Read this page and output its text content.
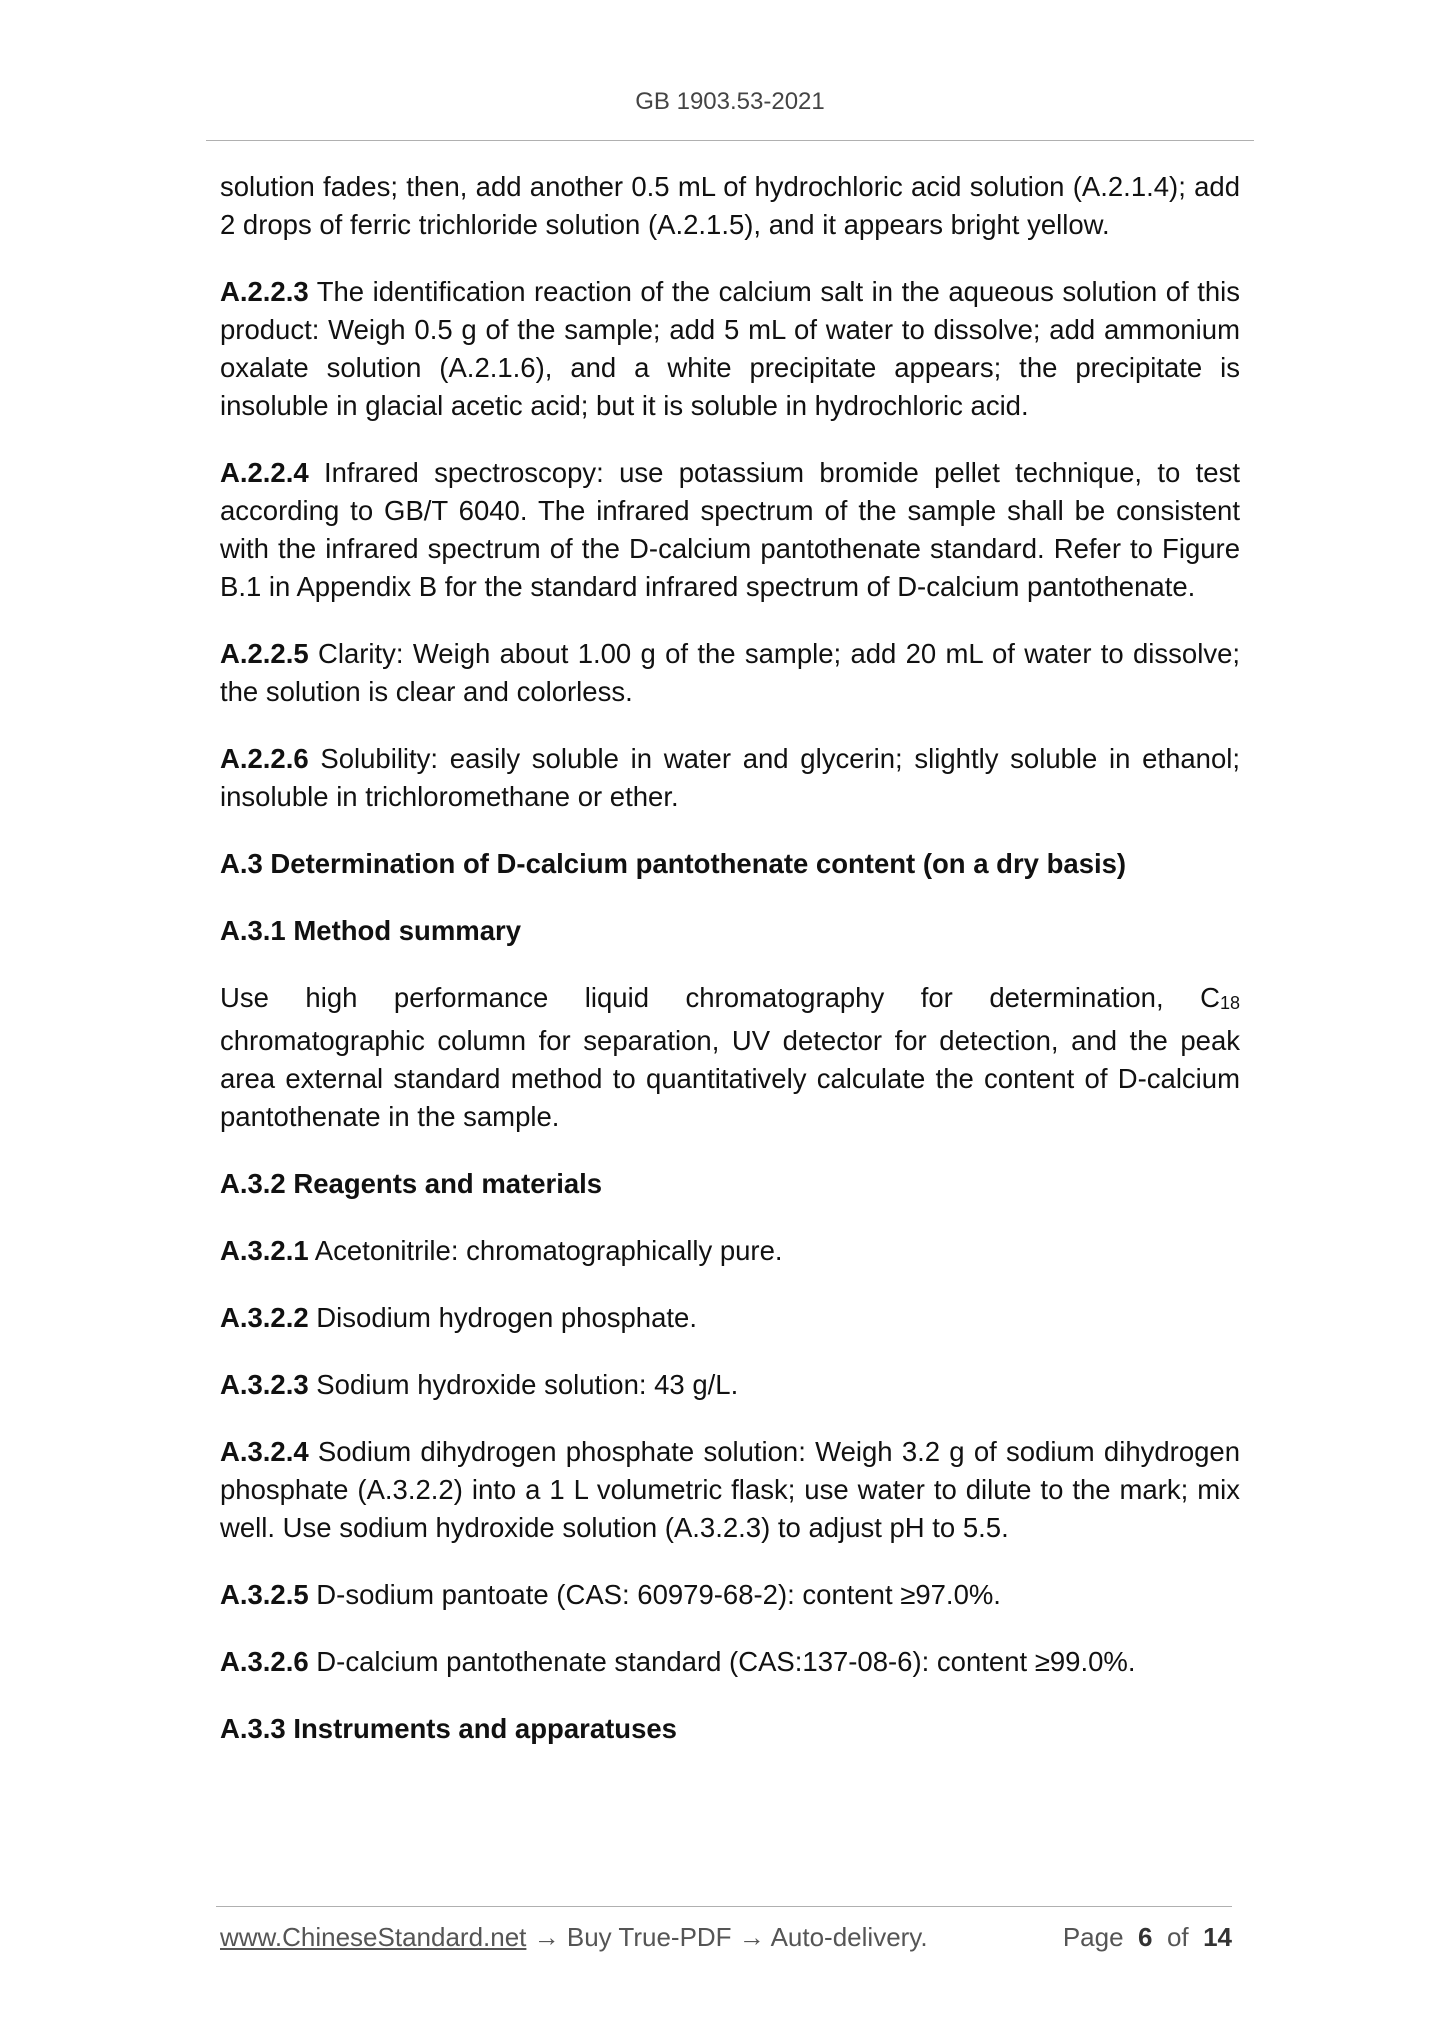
GB 1903.53-2021

solution fades; then, add another 0.5 mL of hydrochloric acid solution (A.2.1.4); add 2 drops of ferric trichloride solution (A.2.1.5), and it appears bright yellow.

A.2.2.3 The identification reaction of the calcium salt in the aqueous solution of this product: Weigh 0.5 g of the sample; add 5 mL of water to dissolve; add ammonium oxalate solution (A.2.1.6), and a white precipitate appears; the precipitate is insoluble in glacial acetic acid; but it is soluble in hydrochloric acid.

A.2.2.4 Infrared spectroscopy: use potassium bromide pellet technique, to test according to GB/T 6040. The infrared spectrum of the sample shall be consistent with the infrared spectrum of the D-calcium pantothenate standard. Refer to Figure B.1 in Appendix B for the standard infrared spectrum of D-calcium pantothenate.

A.2.2.5 Clarity: Weigh about 1.00 g of the sample; add 20 mL of water to dissolve; the solution is clear and colorless.

A.2.2.6 Solubility: easily soluble in water and glycerin; slightly soluble in ethanol; insoluble in trichloromethane or ether.

A.3 Determination of D-calcium pantothenate content (on a dry basis)

A.3.1 Method summary

Use high performance liquid chromatography for determination, $C_{18}$ chromatographic column for separation, UV detector for detection, and the peak area external standard method to quantitatively calculate the content of D-calcium pantothenate in the sample.

A.3.2 Reagents and materials

A.3.2.1 Acetonitrile: chromatographically pure.

A.3.2.2 Disodium hydrogen phosphate.

A.3.2.3 Sodium hydroxide solution: 43 g/L.

A.3.2.4 Sodium dihydrogen phosphate solution: Weigh 3.2 g of sodium dihydrogen phosphate (A.3.2.2) into a 1 L volumetric flask; use water to dilute to the mark; mix well. Use sodium hydroxide solution (A.3.2.3) to adjust pH to 5.5.

A.3.2.5 D-sodium pantoate (CAS: 60979-68-2): content ≥97.0%.

A.3.2.6 D-calcium pantothenate standard (CAS:137-08-6): content ≥99.0%.

A.3.3 Instruments and apparatuses

www.ChineseStandard.net → Buy True-PDF → Auto-delivery.	Page 6 of 14
